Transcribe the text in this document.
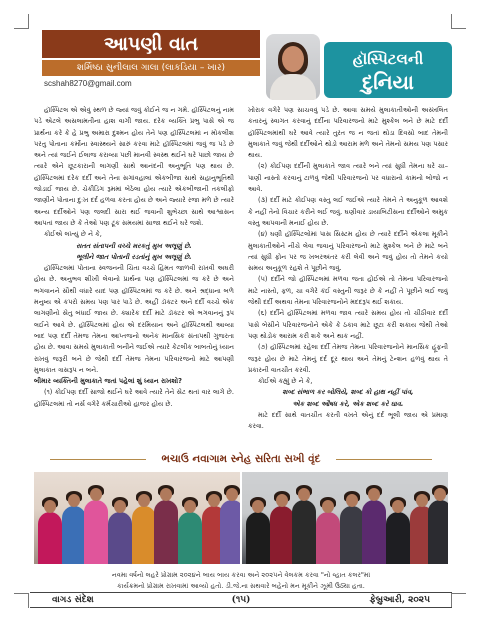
આપણી વાત
શર્મિષ્ઠા સુનીલાલ ગાલા (લાકડિયા – ખાર)
scshah8270@gmail.com
હૉસ્પિટલની
દુનિયા

હૉસ્પિટલ એ એવું સ્થળ છે જ્યાં જવું કોઈને જ ન ગમે. હૉસ્પિટલનું નામ પડે એટલે અસલામતીના હાશ વાગી જાય. દરેક વ્યક્તિ પ્રભુ પાસે એ જ પ્રાર્થના કરે કે હે પ્રભુ અમારા દુશ્મન હોય તેને પણ હૉસ્પિટલમાં ન મોકલીશ પરંતુ પોતાના કર્મોના સ્વાસ્થ્યને સારું કરવા માટે હૉસ્પિટલમાં જવું જ પડે છે અને ત્યાં જઈને ઈલાજ કરાવ્યા પછી માનવી સ્વસ્થ થઈને ઘરે પાછો જાય છે ત્યારે એને છૂટકારાની લાગણી સાથે આનંદની અનુભૂતિ પણ થાય છે. હૉસ્પિટલમાં દરેક દર્દી અને તેના સગાંવહાલાં એકબીજા સાથે સહાનુભૂતિથી જોડાઈ જાય છે. ચેકીડિંગ રૂમમાં બેઠેલા હોય ત્યારે એકબીજાની તકલીફો જાણીને પોતાના દુઃખ દર્દ હળવા કરતા હોય છે અને જ્યારે રજા મળે છે ત્યારે અન્ય દર્દીઓને પણ જલદી સારા થઈ જવાની શુભેચ્છા સાથે આશ્વાસન આપતાં જાય છે કે તેઓ પણ ટૂંક સમયમાં સાજા થઈને ઘરે જશે.

કોઈએ લખ્યું છે ને કે,

સતત સંતાપની વચ્ચે મરકતું મુખ અલૂણું છે.

ભૂલીને જાત પોતાની રડતાંનું મુખ અલૂણું છે.

હૉસ્પિટલમાં પોતાના સ્વજનની ચિંતા વચ્ચે હિંમત જાળવી રાખવી અઘરી હોય છે. અનુભવ શીખી લેવાનો પ્રાર્થના પણ હૉસ્પિટલમાં જ કરે છે અને ભગવાનને સૌથી વધારે યાદ પણ હૉસ્પિટલમાં જ કરે છે. અને શ્રદ્ધાના બળે મનુષ્ય એ કપરો સમય પણ પાર પાડે છે. અહીં ડૉક્ટર અને દર્દી વચ્ચે એક લાગણીનો સેતુ બંધાઈ જાય છે. ક્યારેક દર્દી માટે ડૉક્ટર એ ભગવાનનું રૂપ લઈને આવે છે. હૉસ્પિટલમાં હોય એ દરમિયાન અને હૉસ્પિટલથી આવ્યા બાદ પણ દર્દી તેમજ તેમના આપ્તજનો અનેક માનસિક સંતાપથી ગુજરતા હોય છે. આવા સમયે મુલાકાતી બનીને જઈએ ત્યારે કેટલીક બાબતોનું ધ્યાન રાખવું જરૂરી બને છે જેથી દર્દી તેમજ તેમના પરિવારજનો માટે આપણી મુલાકાત ત્રાસરૂપ ન બને.

બીમાર વ્યક્તિની મુલાકાતે જતાં પહેલાં શું ધ્યાન રાખશો?

(૧) કોઈપણ દર્દી સાજો થઈને ઘરે આવે ત્યારે તેને સેટ થતાં વાર લાગે છે. હૉસ્પિટલમાં તો નર્સ વગેરે કર્મચારીઓ હાજર હોય છે.

ખોરાક વગેરે પણ સાચવવું પડે છે. આવા સમયે મુલાકાતીઓની અસ્ખલિત કતારનું સ્વાગત કરવાનું દર્દીના પરિવારજનો માટે મુશ્કેલ બને છે માટે દર્દી હૉસ્પિટલમાંથી ઘરે આવે ત્યારે તુરંત જ ન જતાં થોડા દિવસો બાદ તેમની મુલાકાતે જવું જેથી દર્દીઓને થોડો આરામ મળે અને તેમનો સમય પણ પસાર થાય.

(૨) કોઈપણ દર્દીની મુલાકાતે જાવ ત્યારે બને ત્યાં સુધી તેમના ઘરે ચા–પાણી નાસ્તો કરવાનું ટાળવું જેથી પરિવારજનો પર વધારાનો કામનો બોજો ન આવે.

(૩) દર્દી માટે કોઈપણ વસ્તુ લઈ જઈએ ત્યારે તેમને તે અનુકૂળ આવશે કે નહીં તેનો વિચાર કરીને લઈ જવું. ઘણીવાર ડાયાબિટીસના દર્દીઓને અમુક વસ્તુ આપવાની મનાઈ હોય છે.

(૪) ઘણી હૉસ્પિટલોમાં પાસ સિસ્ટમ હોય છે ત્યારે દર્દીને એકલા મૂકીને મુલાકાતીઓને નીચે લેવા જવાનું પરિવારજનો માટે મુશ્કેલ બને છે માટે બને ત્યાં સુધી ફોન પર જ ખબરઅંતર કરી લેવી અને જવું હોય તો તેમને કયો સમય અનુકૂળ રહશે તે પૂછીને જવું.

(૫) દર્દીને જો હૉસ્પિટલમાં મળવા જતા હોઈએ તો તેમના પરિવારજનો માટે નાસ્તો, ફળ, ચા વગેરે કંઈ વસ્તુની જરૂર છે કે નહીં તે પૂછીને લઈ જવું જેથી દર્દી અથવા તેમના પરિવારજનોને મદદરૂપ થઈ શકાય.

(૬) દર્દીને હૉસ્પિટલમાં મળવા જાવ ત્યારે સમય હોય તો ચીઠીવાર દર્દી પાસે બેસીને પરિવારજનોને એકે કે ઠકાવ માટે છૂટા કરી શકાય જેથી તેઓ પણ થોડોક આરામ કરી શકે અને થાક નહીં.

(૭) હૉસ્પિટલમાં રહેલા દર્દી તેમજ તેમના પરિવારજનોને માનસિક હૂંફની જરૂર હોય છે માટે તેમનું દર્દ દૂર થાય અને તેમનું ટેન્શન હળવું થાય તે પ્રકારની વાતચીત કરવી.

કોઈએ કહ્યું છે ને કે,

શબ્દ સંભાળ કર બોલિયે, શબ્દ કો હાથ નહીં પાંવ,

એક શબ્દ ઔષધ કરે, એક શબ્દ કરે ઘાવ.

માટે દર્દી સાથે વાતચીત કરતી વખતે એનું દર્દ ભૂલી જાય એ પ્રમાણ કરવા.

ભચાઉ નવાગામ સ્નેહ સરિતા સખી વૃંદ
નવમા વર્ષનો લહરે પ્રોગ્રામ ૨૦૨૪ને બાય બાય કરવા અને ૨૦૨૫ને વેલકમ કરવા "નો વ્હાત કલર"માં
કાર્યક્રમનો પ્રોગ્રામ રાખવામાં આવ્યો હતો. ડી.જે.ના સથવારે બહેનો મન મૂકીને ઝૂમી ઉઠ્યા હતા.
વાગડ સંદેશ	(૧૫)	ફેબ્રુઆરી, ૨૦૨૫
